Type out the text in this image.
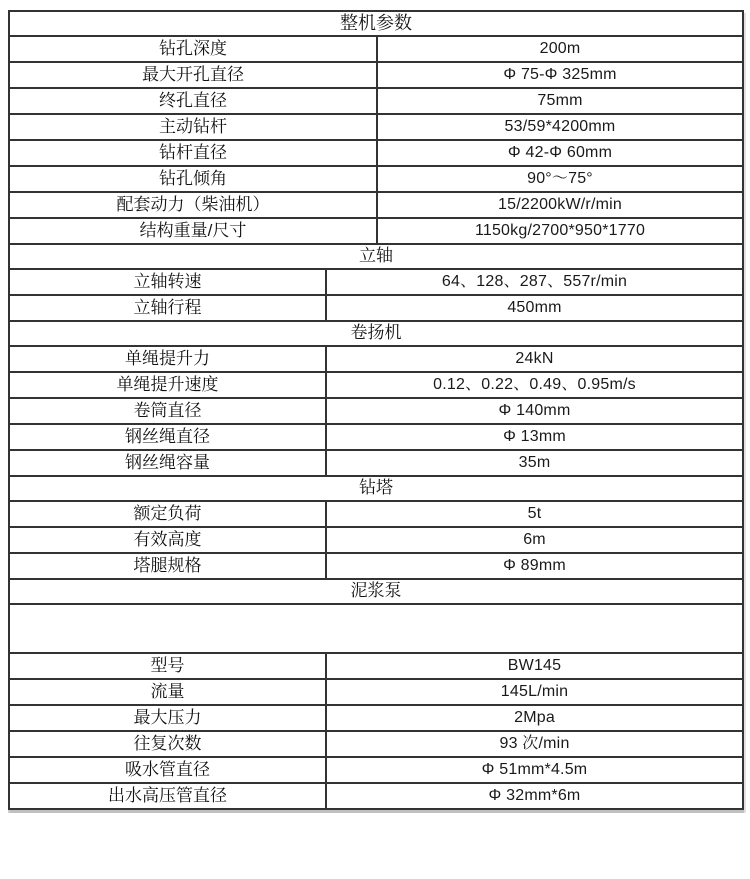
整机参数		
钻孔深度		200m
最大开孔直径		Φ 75-Φ 325mm
终孔直径		75mm
主动钻杆		53/59*4200mm
钻杆直径		Φ 42-Φ 60mm
钻孔倾角		90°～75°
配套动力（柴油机）		15/2200kW/r/min
结构重量/尺寸		1150kg/2700*950*1770
立轴		
立轴转速	64、128、287、557r/min	
立轴行程	450mm	
卷扬机		
单绳提升力	24kN	
单绳提升速度	0.12、0.22、0.49、0.95m/s	
卷筒直径	Φ 140mm	
钢丝绳直径	Φ 13mm	
钢丝绳容量	35m	
钻塔		
额定负荷	5t	
有效高度	6m	
塔腿规格	Φ 89mm	
泥浆泵		

型号	BW145	
流量	145L/min	
最大压力	2Mpa	
往复次数	93 次/min	
吸水管直径	Φ 51mm*4.5m	
出水高压管直径	Φ 32mm*6m	
